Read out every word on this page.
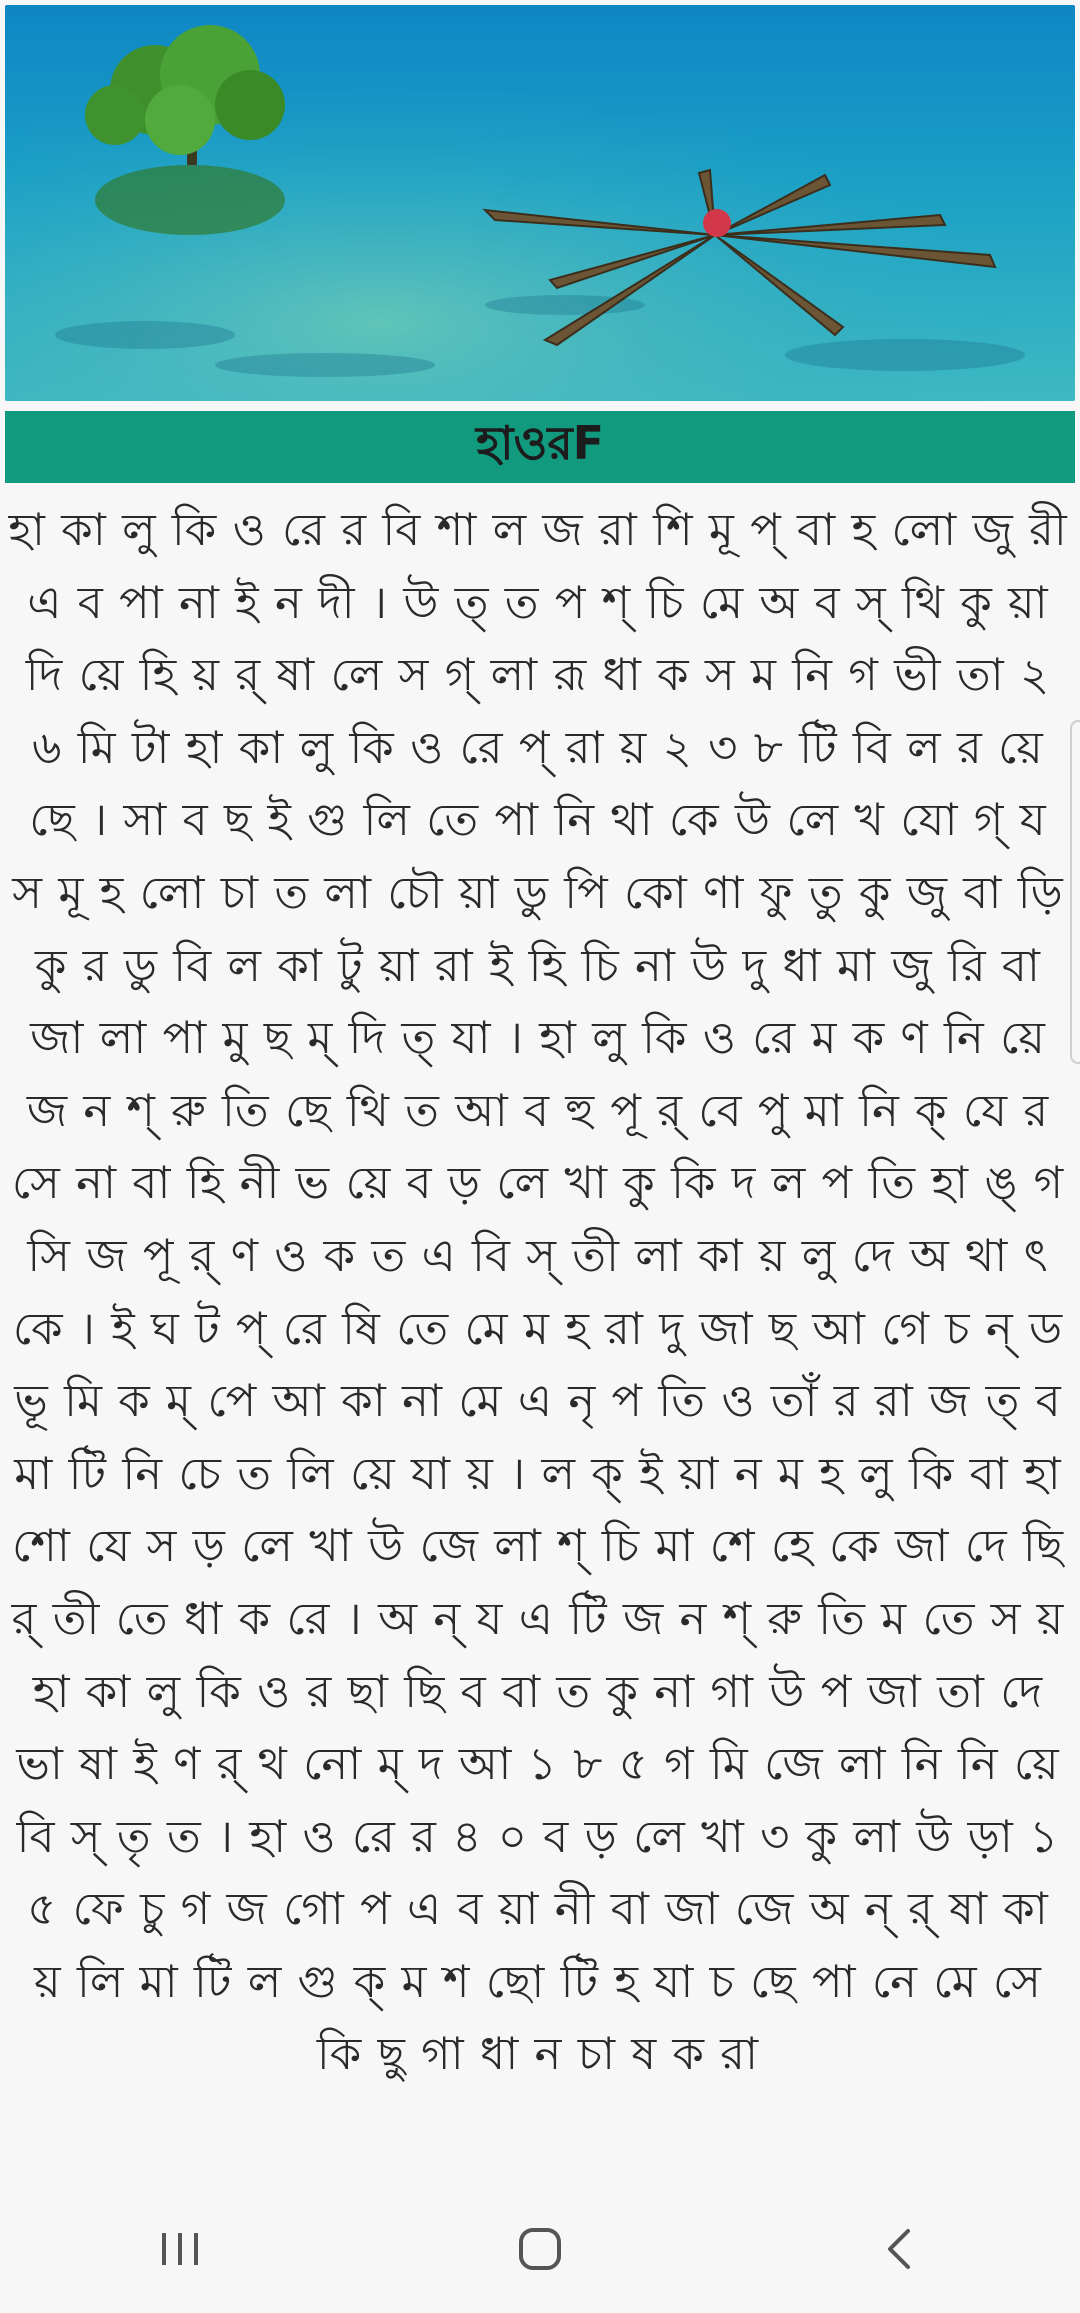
হাওরF
হা কা লু কি ও রে র বি শা ল জ রা শি মূ প্ বা হ লো জু রী এ ব পা না ই ন দী । উ ত্ ত প শ্ চি মে অ ব স্ থি কু য়া দি য়ে হি য় র্ ষা লে স গ্ লা রূ ধা ক স ম নি গ ভী তা ২ ৬ মি টা হা কা লু কি ও রে প্ রা য় ২ ৩ ৮ টি বি ল র য়ে ছে । সা ব ছ ই গু লি তে পা নি থা কে উ লে খ যো গ্ য স মূ হ লো চা ত লা চৌ য়া ডু পি কো ণা ফু তু কু জু বা ড়ি কু র ডু বি ল কা টু য়া রা ই হি চি না উ দু ধা মা জু রি বা জা লা পা মু ছ ম্ দি ত্ যা । হা লু কি ও রে ম ক ণ নি য়ে জ ন শ্ রু তি ছে থি ত আ ব হু পূ র্ বে পু মা নি ক্ যে র সে না বা হি নী ভ য়ে ব ড় লে খা কু কি দ ল প তি হা ঙ্ গ সি জ পূ র্ ণ ও ক ত এ বি স্ তী লা কা য় লু দে অ থা ৎ কে । ই ঘ ট প্ রে ষি তে মে ম হ রা দু জা ছ আ গে চ ন্ ড ভূ মি ক ম্ পে আ কা না মে এ নৃ প তি ও তাঁ র রা জ ত্ ব মা টি নি চে ত লি য়ে যা য় । ল ক্ ই য়া ন ম হ লু কি বা হা শো যে স ড় লে খা উ জে লা শ্ চি মা শে হে কে জা দে ছি র্ তী তে ধা ক রে । অ ন্ য এ টি জ ন শ্ রু তি ম তে স য় হা কা লু কি ও র ছা ছি ব বা ত কু না গা উ প জা তা দে ভা ষা ই ণ র্ থ নো ম্ দ আ ১ ৮ ৫ গ মি জে লা নি নি য়ে বি স্ তৃ ত । হা ও রে র ৪ ০ ব ড় লে খা ৩ কু লা উ ড়া ১ ৫ ফে চু গ জ গো প এ ব য়া নী বা জা জে অ ন্ র্ ষা কা য় লি মা টি ল গু ক্ ম শ ছো টি হ যা চ ছে পা নে মে সে কি ছু গা ধা ন চা ষ ক রা
